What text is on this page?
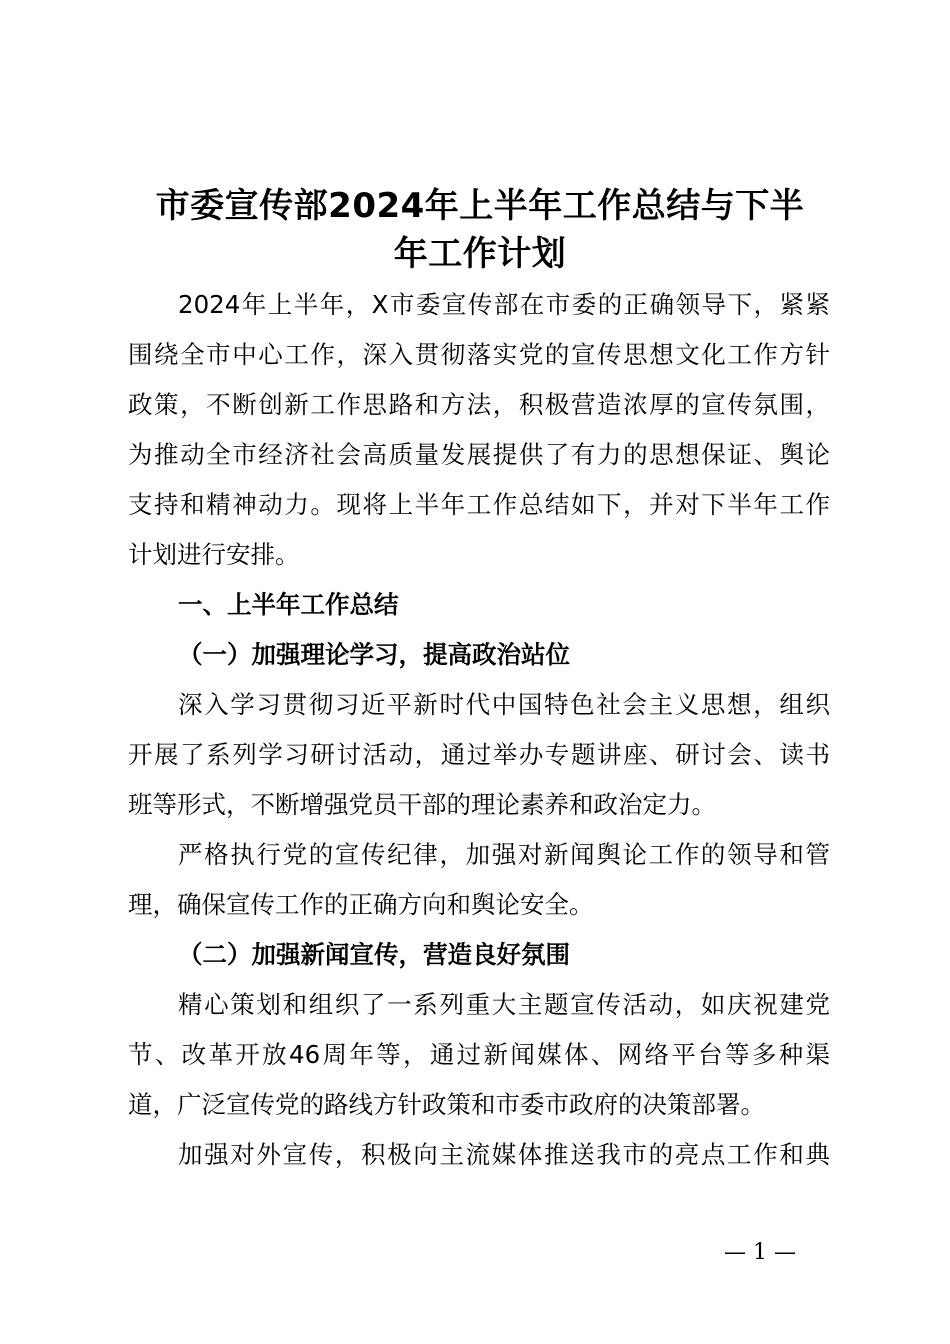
市委宣传部2024年上半年工作总结与下半
年工作计划
2024年上半年，X市委宣传部在市委的正确领导下，紧紧
围绕全市中心工作，深入贯彻落实党的宣传思想文化工作方针
政策，不断创新工作思路和方法，积极营造浓厚的宣传氛围，
为推动全市经济社会高质量发展提供了有力的思想保证、舆论
支持和精神动力。现将上半年工作总结如下，并对下半年工作
计划进行安排。
一、上半年工作总结
（一）加强理论学习，提高政治站位
深入学习贯彻习近平新时代中国特色社会主义思想，组织
开展了系列学习研讨活动，通过举办专题讲座、研讨会、读书
班等形式，不断增强党员干部的理论素养和政治定力。
严格执行党的宣传纪律，加强对新闻舆论工作的领导和管
理，确保宣传工作的正确方向和舆论安全。
（二）加强新闻宣传，营造良好氛围
精心策划和组织了一系列重大主题宣传活动，如庆祝建党
节、改革开放46周年等，通过新闻媒体、网络平台等多种渠
道，广泛宣传党的路线方针政策和市委市政府的决策部署。
加强对外宣传，积极向主流媒体推送我市的亮点工作和典
— 1 —
